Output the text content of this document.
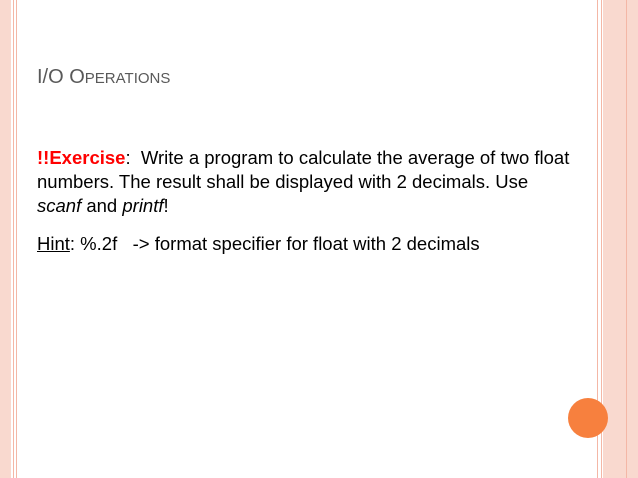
I/O OPERATIONS

!!Exercise:  Write a program to calculate the average of two float numbers. The result shall be displayed with 2 decimals. Use scanf and printf!

Hint: %.2f   -> format specifier for float with 2 decimals
